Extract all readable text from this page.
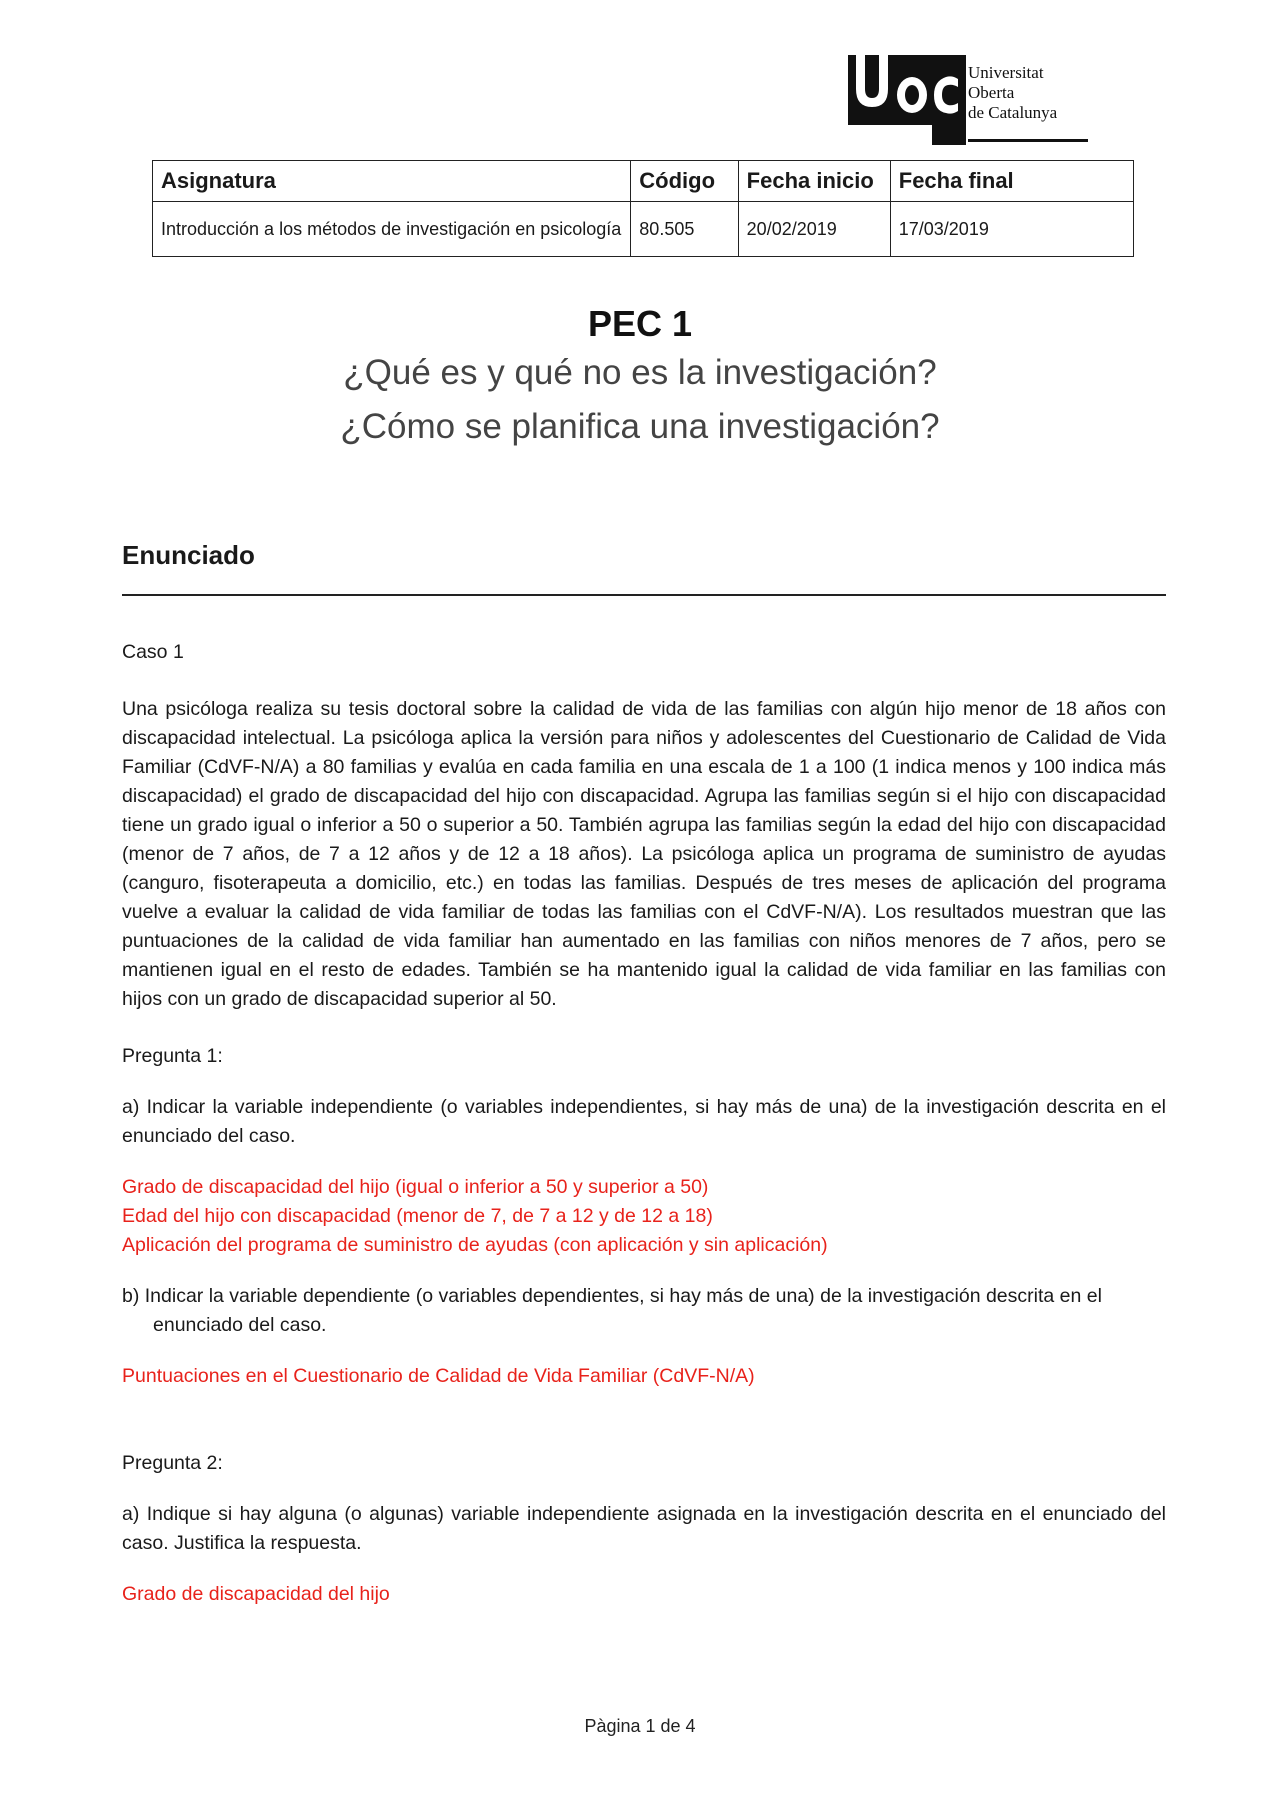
Universitat
Oberta
de Catalunya
Asignatura	Código	Fecha inicio	Fecha final
Introducción a los métodos de investigación en psicología	80.505	20/02/2019	17/03/2019
PEC 1
¿Qué es y qué no es la investigación?
¿Cómo se planifica una investigación?
Enunciado

Caso 1

Una psicóloga realiza su tesis doctoral sobre la calidad de vida de las familias con algún hijo menor de 18 años con discapacidad intelectual. La psicóloga aplica la versión para niños y adolescentes del Cuestionario de Calidad de Vida Familiar (CdVF-N/A) a 80 familias y evalúa en cada familia en una escala de 1 a 100 (1 indica menos y 100 indica más discapacidad) el grado de discapacidad del hijo con discapacidad. Agrupa las familias según si el hijo con discapacidad tiene un grado igual o inferior a 50 o superior a 50. También agrupa las familias según la edad del hijo con discapacidad (menor de 7 años, de 7 a 12 años y de 12 a 18 años). La psicóloga aplica un programa de suministro de ayudas (canguro, fisoterapeuta a domicilio, etc.) en todas las familias. Después de tres meses de aplicación del programa vuelve a evaluar la calidad de vida familiar de todas las familias con el CdVF-N/A). Los resultados muestran que las puntuaciones de la calidad de vida familiar han aumentado en las familias con niños menores de 7 años, pero se mantienen igual en el resto de edades. También se ha mantenido igual la calidad de vida familiar en las familias con hijos con un grado de discapacidad superior al 50.

Pregunta 1:

a) Indicar la variable independiente (o variables independientes, si hay más de una) de la investigación descrita en el enunciado del caso.

Grado de discapacidad del hijo (igual o inferior a 50 y superior a 50)

Edad del hijo con discapacidad (menor de 7, de 7 a 12 y de 12 a 18)

Aplicación del programa de suministro de ayudas (con aplicación y sin aplicación)

b) Indicar la variable dependiente (o variables dependientes, si hay más de una) de la investigación descrita en el enunciado del caso.

Puntuaciones en el Cuestionario de Calidad de Vida Familiar (CdVF-N/A)

Pregunta 2:

a) Indique si hay alguna (o algunas) variable independiente asignada en la investigación descrita en el enunciado del caso. Justifica la respuesta.

Grado de discapacidad del hijo

Pàgina 1 de 4
